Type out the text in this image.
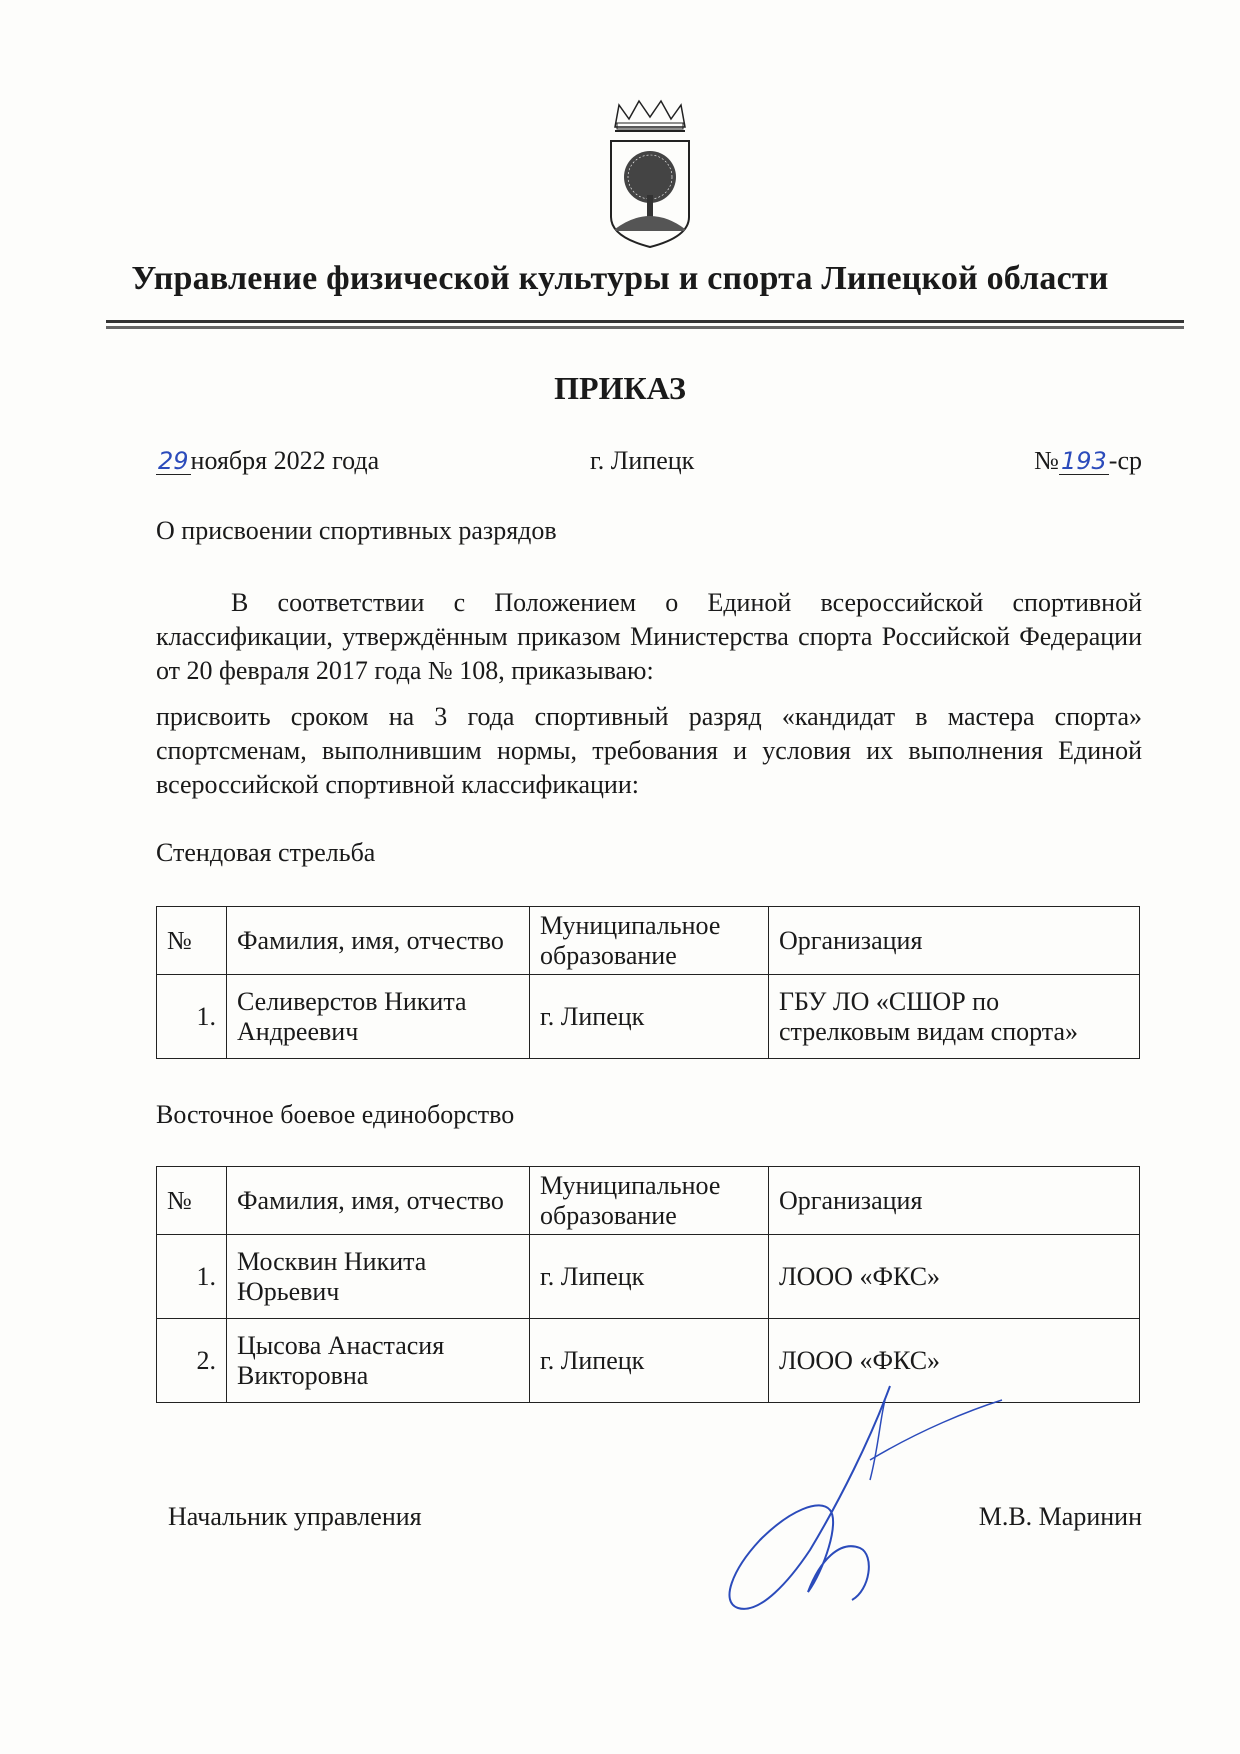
Управление физической культуры и спорта Липецкой области
ПРИКАЗ
29ноября 2022 года	г. Липецк	№193-ср
О присвоении спортивных разрядов
В соответствии с Положением о Единой всероссийской спортивной классификации, утверждённым приказом Министерства спорта Российской Федерации от 20 февраля 2017 года № 108, приказываю:
присвоить сроком на 3 года спортивный разряд «кандидат в мастера спорта» спортсменам, выполнившим нормы, требования и условия их выполнения Единой всероссийской спортивной классификации:
Стендовая стрельба
№	Фамилия, имя, отчество	Муниципальное образование	Организация
1.	Селиверстов Никита Андреевич	г. Липецк	ГБУ ЛО «СШОР по стрелковым видам спорта»
Восточное боевое единоборство
№	Фамилия, имя, отчество	Муниципальное образование	Организация
1.	Москвин Никита Юрьевич	г. Липецк	ЛООО «ФКС»
2.	Цысова Анастасия Викторовна	г. Липецк	ЛООО «ФКС»
Начальник управления	М.В. Маринин
